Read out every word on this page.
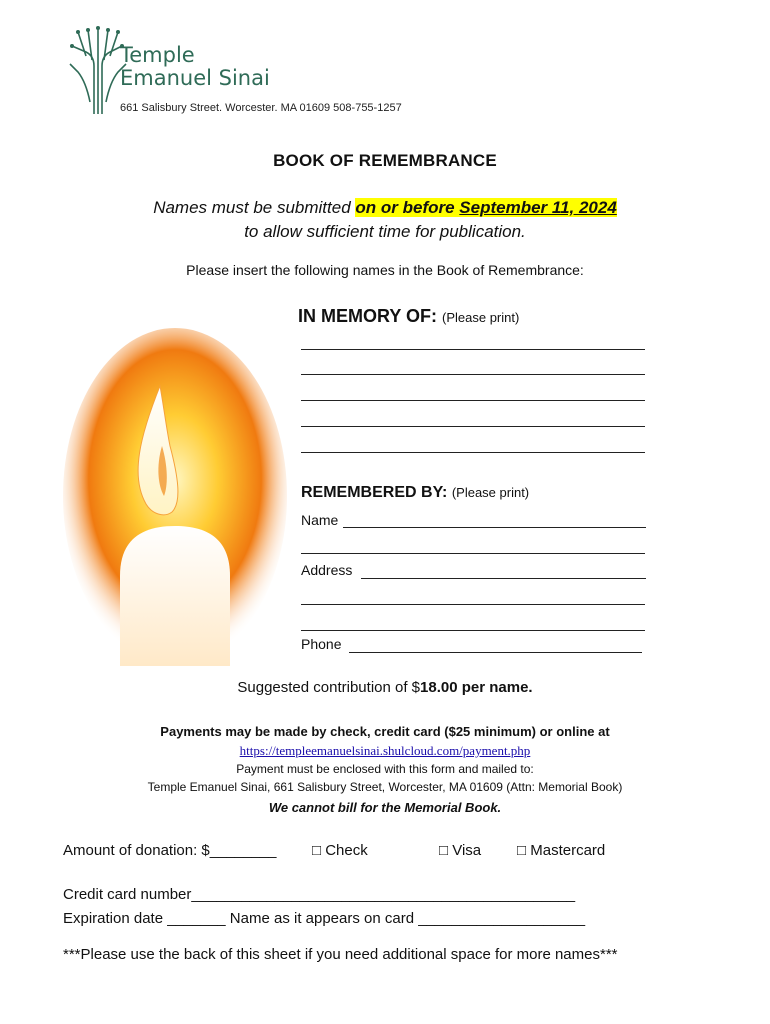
Temple
Emanuel Sinai
661 Salisbury Street. Worcester. MA 01609 508-755-1257
BOOK OF REMEMBRANCE
Names must be submitted on or before September 11, 2024
to allow sufficient time for publication.
Please insert the following names in the Book of Remembrance:
IN MEMORY OF: (Please print)
REMEMBERED BY: (Please print)
Name
Address
Phone
Suggested contribution of $18.00 per name.
Payments may be made by check, credit card ($25 minimum) or online at
https://templeemanuelsinai.shulcloud.com/payment.php
Payment must be enclosed with this form and mailed to:
Temple Emanuel Sinai, 661 Salisbury Street, Worcester, MA 01609 (Attn: Memorial Book)
We cannot bill for the Memorial Book.
Amount of donation: $________ □ Check	□ Visa □ Mastercard
Credit card number______________________________________________
Expiration date _______ Name as it appears on card ____________________
***Please use the back of this sheet if you need additional space for more names***
